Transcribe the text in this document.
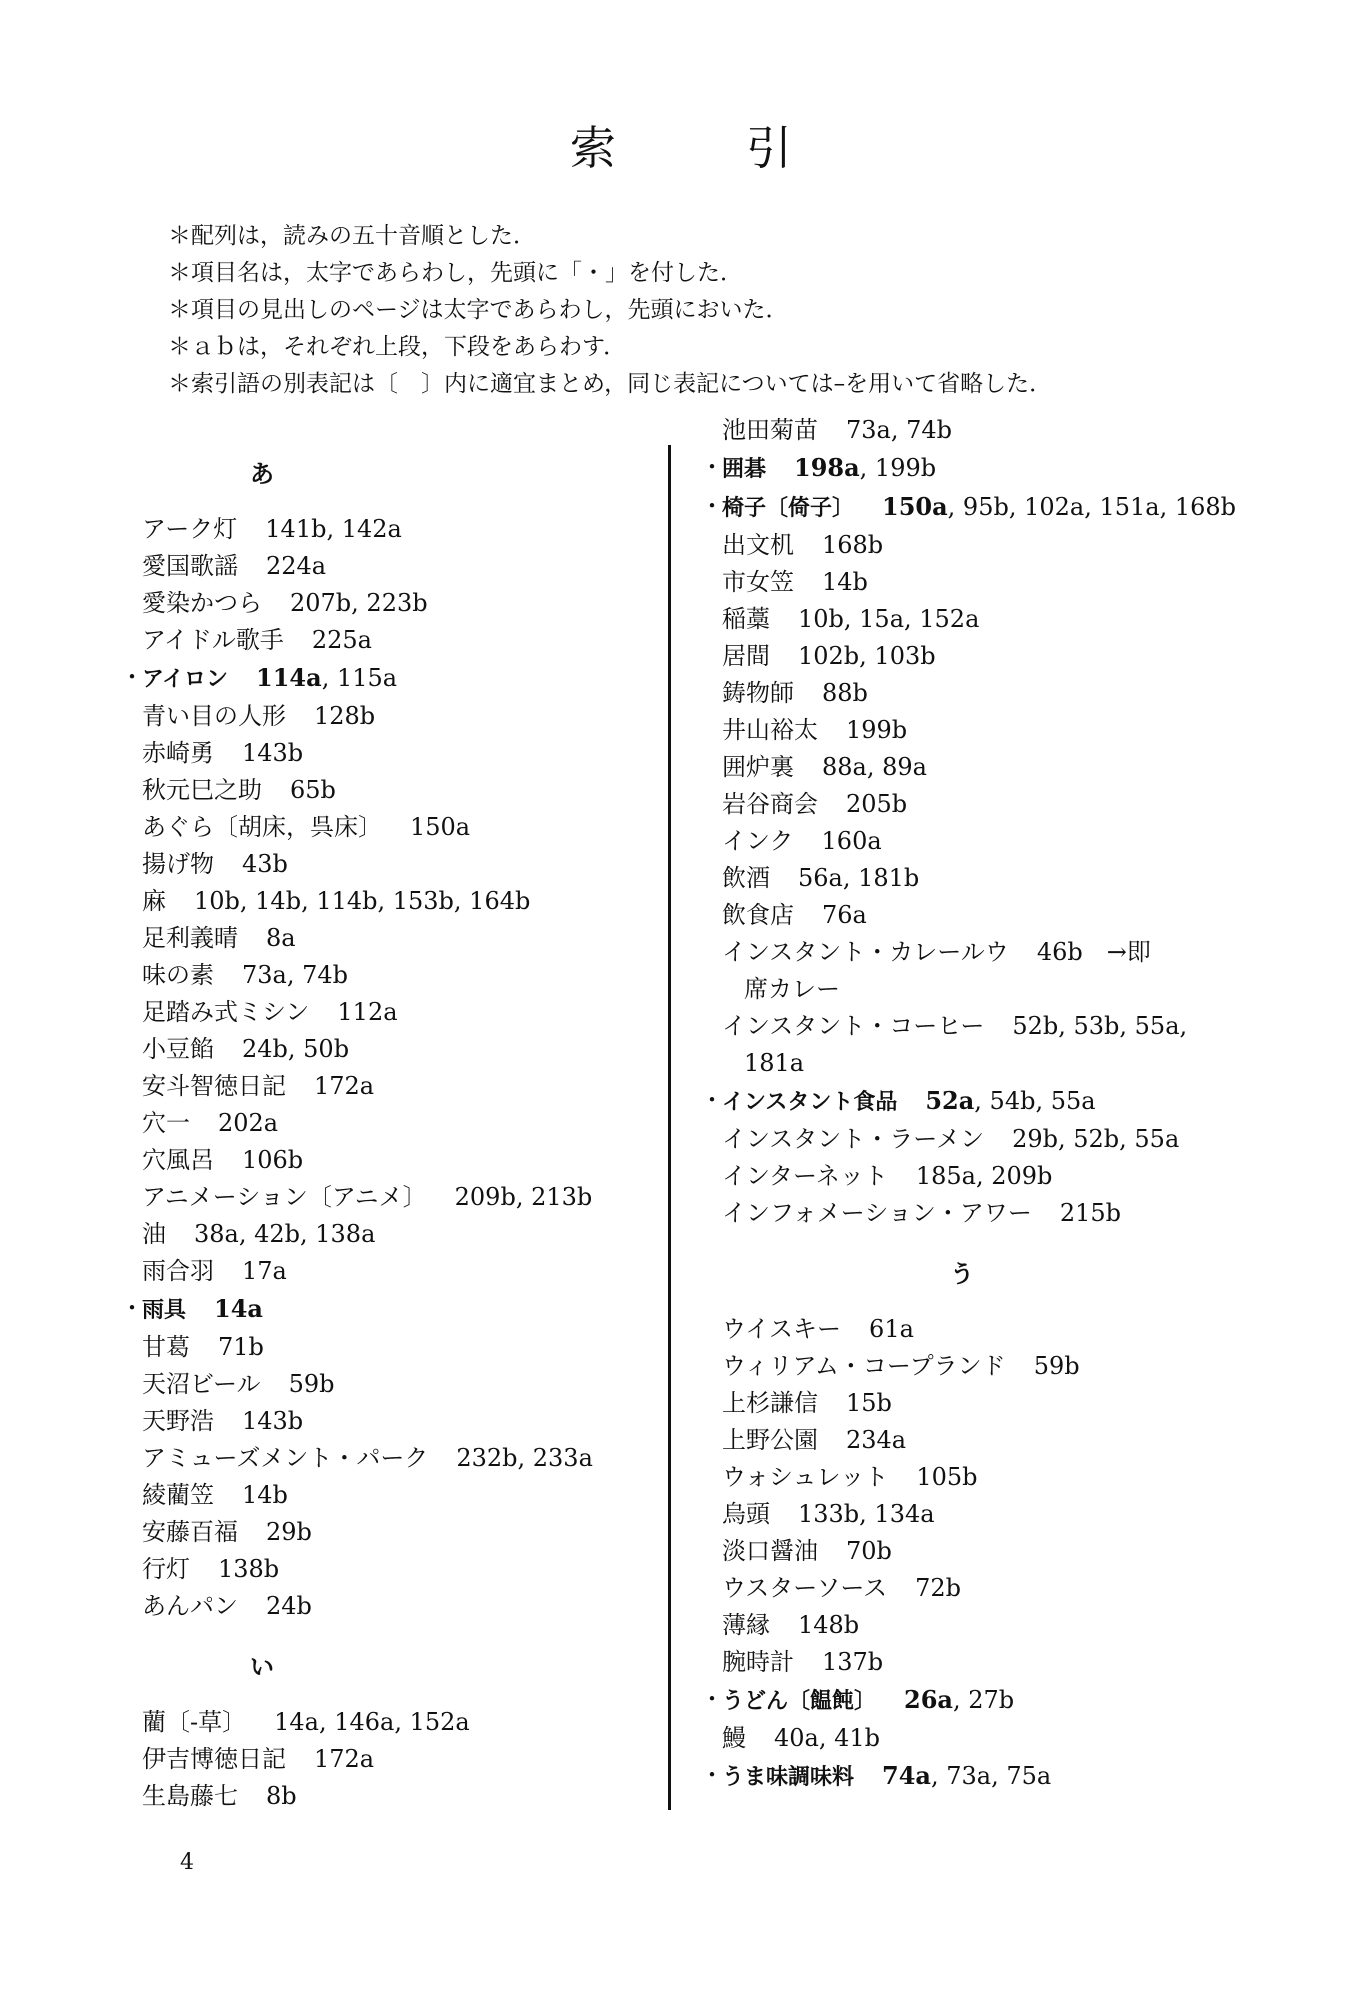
索	引
＊配列は，読みの五十音順とした．
＊項目名は，太字であらわし，先頭に「・」を付した．
＊項目の見出しのページは太字であらわし，先頭においた．
＊ａｂは，それぞれ上段，下段をあらわす．
＊索引語の別表記は〔　〕内に適宜まとめ，同じ表記については–を用いて省略した．
あ
アーク灯 141b, 142a
愛国歌謡 224a
愛染かつら 207b, 223b
アイドル歌手 225a
・
アイロン 114a, 115a
青い目の人形 128b
赤崎勇 143b
秋元巳之助 65b
あぐら〔胡床，呉床〕 150a
揚げ物 43b
麻 10b, 14b, 114b, 153b, 164b
足利義晴 8a
味の素 73a, 74b
足踏み式ミシン 112a
小豆餡 24b, 50b
安斗智徳日記 172a
穴一 202a
穴風呂 106b
アニメーション〔アニメ〕 209b, 213b
油 38a, 42b, 138a
雨合羽 17a
・
雨具 14a
甘葛 71b
天沼ビール 59b
天野浩 143b
アミューズメント・パーク 232b, 233a
綾藺笠 14b
安藤百福 29b
行灯 138b
あんパン 24b
い
藺〔-草〕 14a, 146a, 152a
伊吉博徳日記 172a
生島藤七 8b
池田菊苗 73a, 74b
・
囲碁 198a, 199b
・
椅子〔倚子〕 150a, 95b, 102a, 151a, 168b
出文机 168b
市女笠 14b
稲藁 10b, 15a, 152a
居間 102b, 103b
鋳物師 88b
井山裕太 199b
囲炉裏 88a, 89a
岩谷商会 205b
インク 160a
飲酒 56a, 181b
飲食店 76a
インスタント・カレールウ 46b　→即
席カレー
インスタント・コーヒー 52b, 53b, 55a,
181a
・
インスタント食品 52a, 54b, 55a
インスタント・ラーメン 29b, 52b, 55a
インターネット 185a, 209b
インフォメーション・アワー 215b
う
ウイスキー 61a
ウィリアム・コープランド 59b
上杉謙信 15b
上野公園 234a
ウォシュレット 105b
烏頭 133b, 134a
淡口醤油 70b
ウスターソース 72b
薄縁 148b
腕時計 137b
・
うどん〔饂飩〕 26a, 27b
鰻 40a, 41b
・
うま味調味料 74a, 73a, 75a
4
